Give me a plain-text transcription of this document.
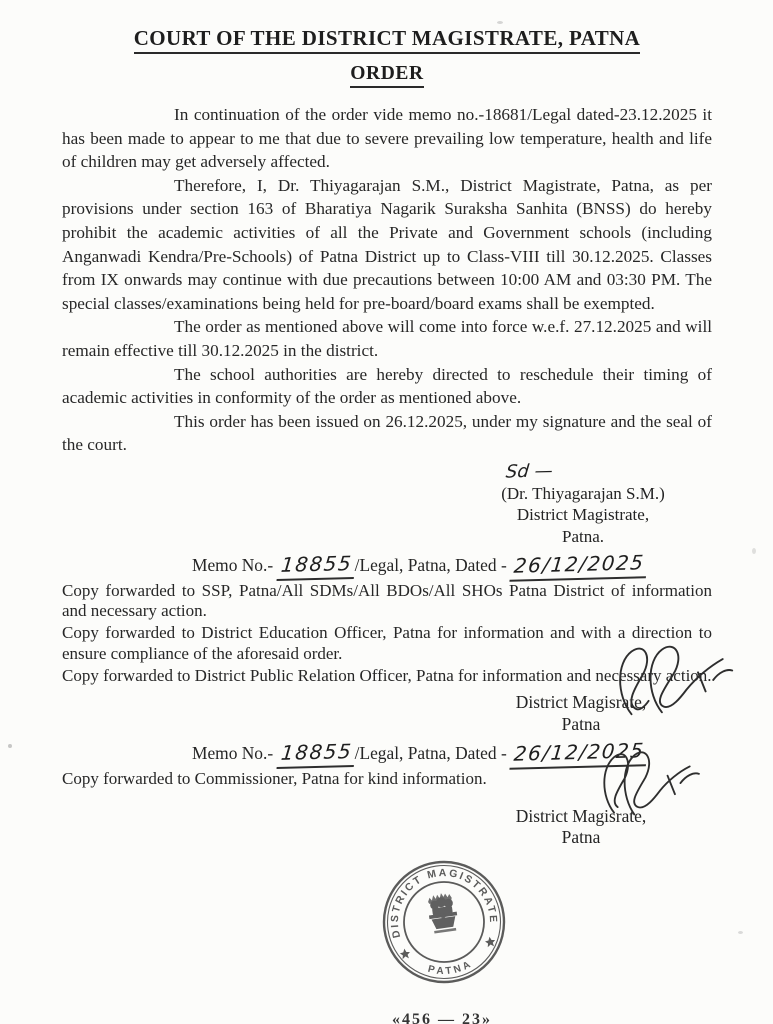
COURT OF THE DISTRICT MAGISTRATE, PATNA
ORDER

In continuation of the order vide memo no.-18681/Legal dated-23.12.2025 it has been made to appear to me that due to severe prevailing low temperature, health and life of children may get adversely affected.

Therefore, I, Dr. Thiyagarajan S.M., District Magistrate, Patna, as per provisions under section 163 of Bharatiya Nagarik Suraksha Sanhita (BNSS) do hereby prohibit the academic activities of all the Private and Government schools (including Anganwadi Kendra/Pre-Schools) of Patna District up to Class-VIII till 30.12.2025. Classes from IX onwards may continue with due precautions between 10:00 AM and 03:30 PM. The special classes/examinations being held for pre-board/board exams shall be exempted.

The order as mentioned above will come into force w.e.f. 27.12.2025 and will remain effective till 30.12.2025 in the district.

The school authorities are hereby directed to reschedule their timing of academic activities in conformity of the order as mentioned above.

This order has been issued on 26.12.2025, under my signature and the seal of the court.

Sd —
(Dr. Thiyagarajan S.M.)
District Magistrate,
Patna.
Memo No.- 18855/Legal, Patna, Dated - 26/12/2025

Copy forwarded to SSP, Patna/All SDMs/All BDOs/All SHOs Patna District of information and necessary action.

Copy forwarded to District Education Officer, Patna for information and with a direction to ensure compliance of the aforesaid order.

Copy forwarded to District Public Relation Officer, Patna for information and necessary action.

District Magisrate,
Patna
Memo No.- 18855/Legal, Patna, Dated - 26/12/2025

Copy forwarded to Commissioner, Patna for kind information.

District Magisrate,
Patna
DISTRICT MAGISTRATE
PATNA
«456 — 23»
